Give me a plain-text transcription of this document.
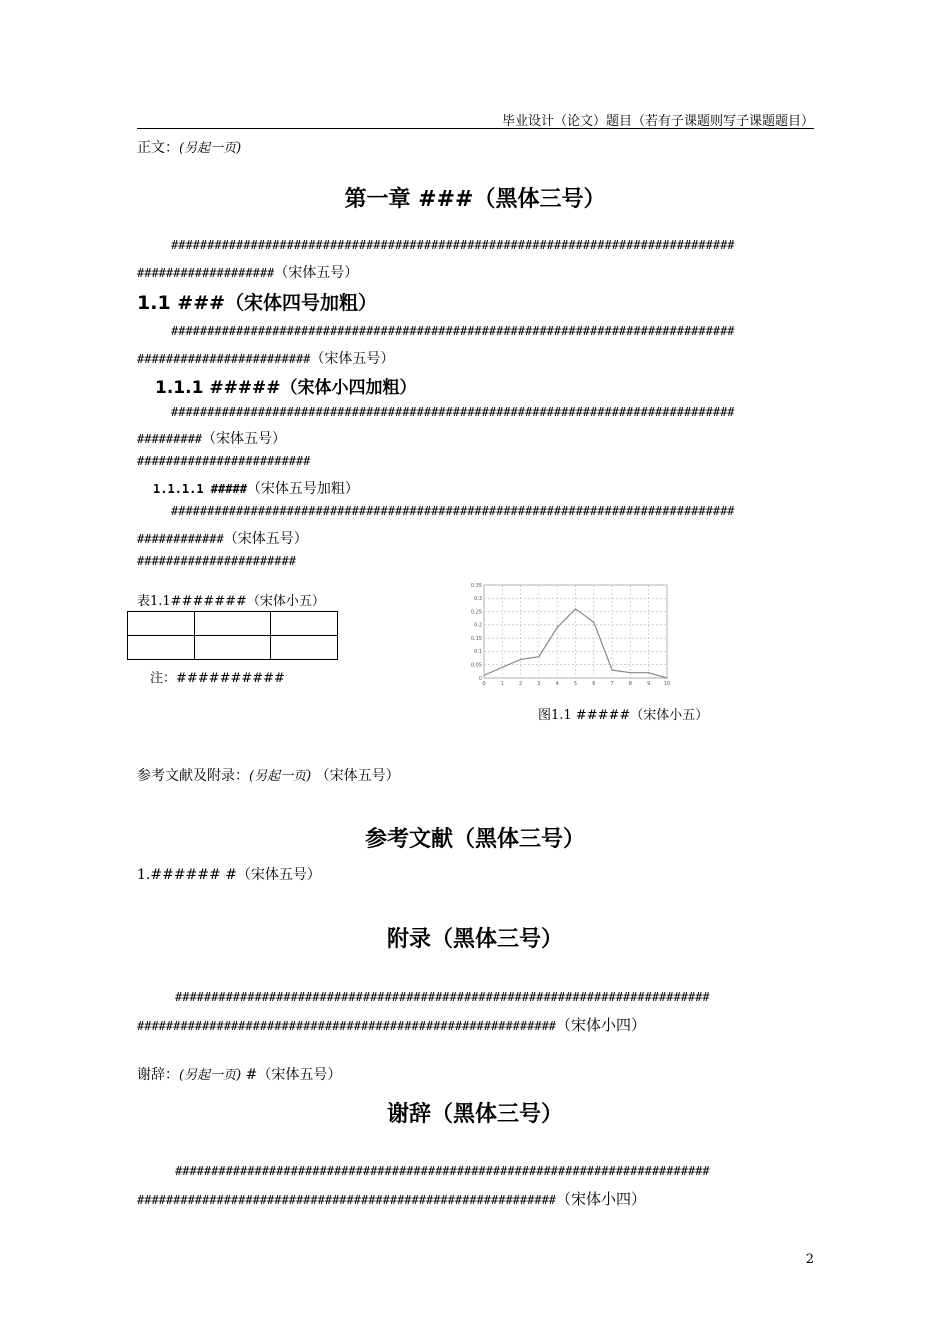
毕业设计（论文）题目（若有子课题则写子课题题目）
正文：(另起一页)
第一章 ###（黑体三号）
##############################################################################
###################（宋体五号）
1.1 ###（宋体四号加粗）
##############################################################################
########################（宋体五号）
1.1.1 #####（宋体小四加粗）
##############################################################################
#########（宋体五号）
########################
1.1.1.1 #####（宋体五号加粗）
##############################################################################
############（宋体五号）
######################
表1.1#######（宋体小五）

注：##########	0	1	2	3	4	5	6	7	8	9	10
0
0.05
0.1
0.15
0.2
0.25
0.3
0.35
图1.1 #####（宋体小五）
参考文献及附录：(另起一页) （宋体五号）
参考文献（黑体三号）
1.###### #（宋体五号）
附录（黑体三号）
##########################################################################
##########################################################（宋体小四）
谢辞：(另起一页) #（宋体五号）
谢辞（黑体三号）
##########################################################################
##########################################################（宋体小四）
2
